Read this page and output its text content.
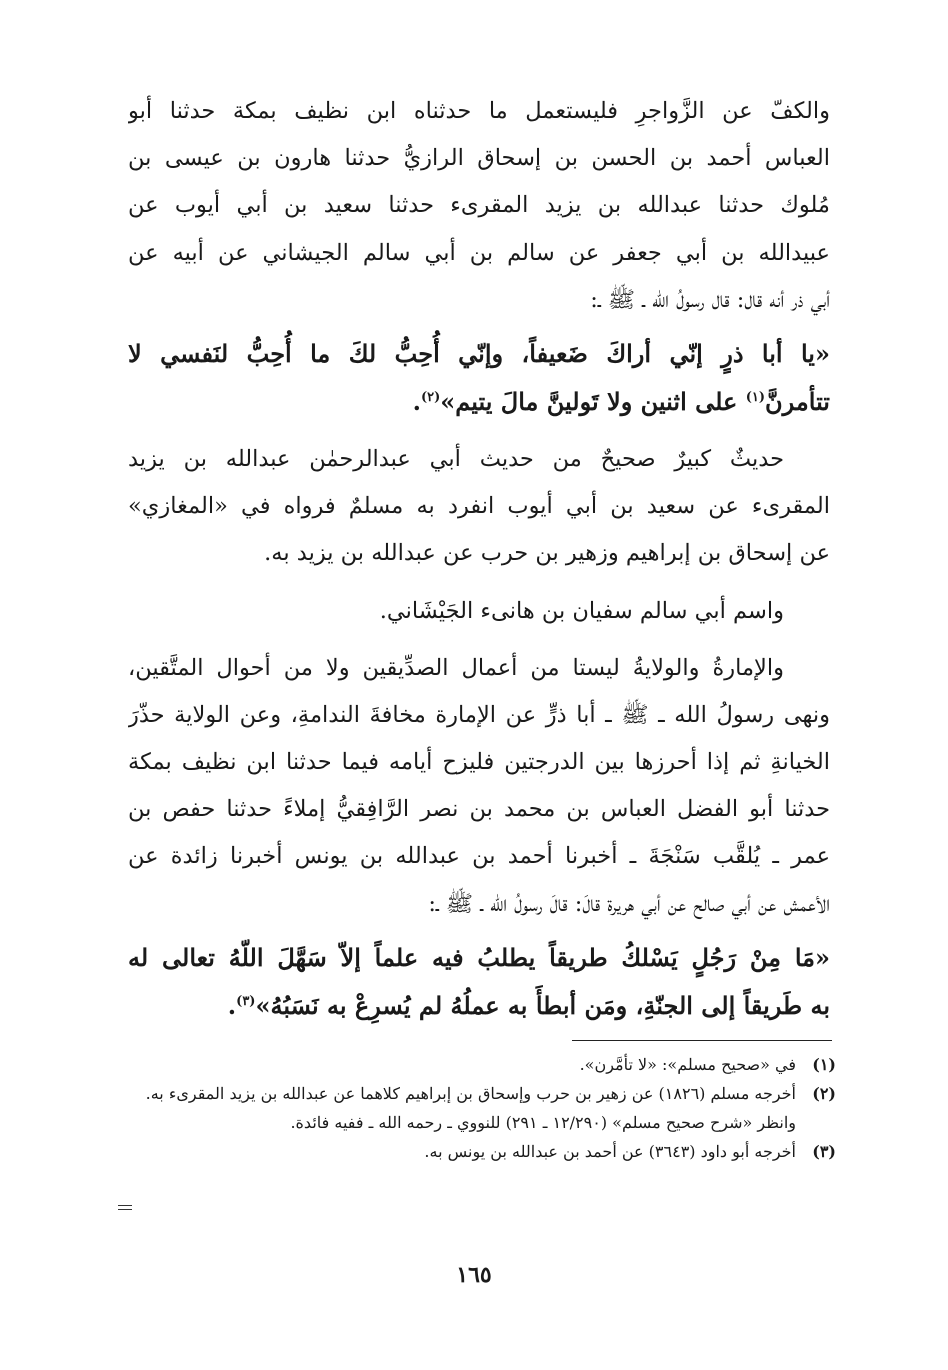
والكفّ عن الزَّواجرِ فليستعمل ما حدثناه ابن نظيف بمكة حدثنا أبو
العباس أحمد بن الحسن بن إسحاق الرازيُّ حدثنا هارون بن عيسى بن
مُلوك حدثنا عبدالله بن يزيد المقرىء حدثنا سعيد بن أبي أيوب عن
عبيدالله بن أبي جعفر عن سالم بن أبي سالم الجيشاني عن أبيه عن
أبي ذر أنه قال: قال رسولُ الله ـ ﷺ ـ:
«يا أبا ذرٍ إنّي أراكَ ضَعيفاً، وإنّي أُحِبُّ لكَ ما أُحِبُّ لنَفسي لا
تتأمرنَّ$^{(١)}$ على اثنين ولا تَولينَّ مالَ يتيم»$^{(٢)}$.
حديثٌ كبيرٌ صحيحٌ من حديث أبي عبدالرحمٰن عبدالله بن يزيد
المقرىء عن سعيد بن أبي أيوب انفرد به مسلمٌ فرواه في «المغازي»
عن إسحاق بن إبراهيم وزهير بن حرب عن عبدالله بن يزيد به.
واسم أبي سالم سفيان بن هانىء الجَيْشَاني.
والإمارةُ والولايةُ ليستا من أعمال الصدِّيقين ولا من أحوال المتَّقين،
ونهى رسولُ الله ـ ﷺ ـ أبا ذرٍّ عن الإمارة مخافةَ الندامةِ، وعن الولاية حذّرَ
الخيانةِ ثم إذا أحرزها بين الدرجتين فليزح أيامه فيما حدثنا ابن نظيف بمكة
حدثنا أبو الفضل العباس بن محمد بن نصر الرَّافِقيُّ إملاءً حدثنا حفص بن
عمر ـ يُلقَّب سَنْجَةَ ـ أخبرنا أحمد بن عبدالله بن يونس أخبرنا زائدة عن
الأعمش عن أبي صالح عن أبي هريرة قالَ: قالَ رسولُ الله ـ ﷺ ـ:
«مَا مِنْ رَجُلٍ يَسْلكُ طريقاً يطلبُ فيه علماً إلاّ سَهَّلَ اللّهُ تعالى له
به طَريقاً إلى الجنّةِ، ومَن أبطأَ به عملُهُ لم يُسرِعْ به نَسَبُهُ»$^{(٣)}$.
(١)
في «صحيح مسلم»: «لا تأمَّرن».
(٢)
أخرجه مسلم (١٨٢٦) عن زهير بن حرب وإسحاق بن إبراهيم كلاهما عن عبدالله بن يزيد المقرىء به.
وانظر «شرح صحيح مسلم» (١٢/٢٩٠ ـ ٢٩١) للنووي ـ رحمه الله ـ ففيه فائدة.
(٣)
أخرجه أبو داود (٣٦٤٣) عن أحمد بن عبدالله بن يونس به.
١٦٥
